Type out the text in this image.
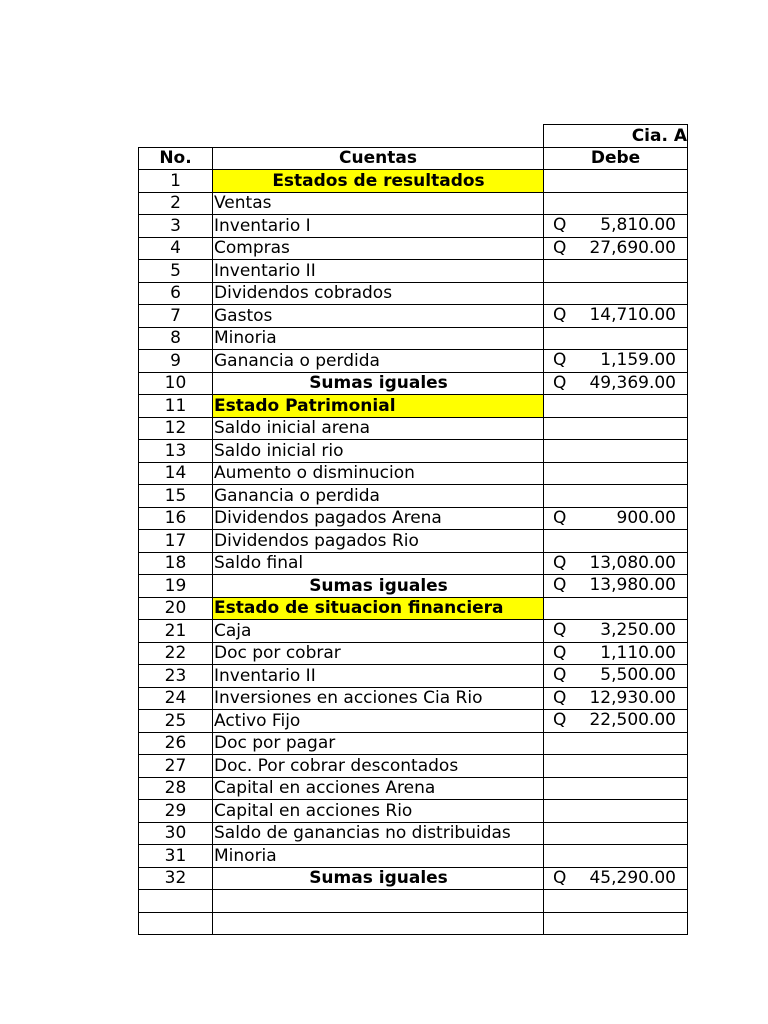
		Cia. A
No.	Cuentas	Debe
1	Estados de resultados	
2	Ventas	
3	Inventario I	Q 5,810.00

4	Compras	Q 27,690.00

5	Inventario II	
6	Dividendos cobrados	
7	Gastos	Q 14,710.00

8	Minoria	
9	Ganancia o perdida	Q 1,159.00

10	Sumas iguales	Q 49,369.00

11	Estado Patrimonial	
12	Saldo inicial arena	
13	Saldo inicial rio	
14	Aumento o disminucion	
15	Ganancia o perdida	
16	Dividendos pagados Arena	Q 900.00

17	Dividendos pagados Rio	
18	Saldo final	Q 13,080.00

19	Sumas iguales	Q 13,980.00

20	Estado de situacion financiera	
21	Caja	Q 3,250.00

22	Doc por cobrar	Q 1,110.00

23	Inventario II	Q 5,500.00

24	Inversiones en acciones Cia Rio	Q 12,930.00

25	Activo Fijo	Q 22,500.00

26	Doc por pagar	
27	Doc. Por cobrar descontados	
28	Capital en acciones Arena	
29	Capital en acciones Rio	
30	Saldo de ganancias no distribuidas	
31	Minoria	
32	Sumas iguales	Q 45,290.00
